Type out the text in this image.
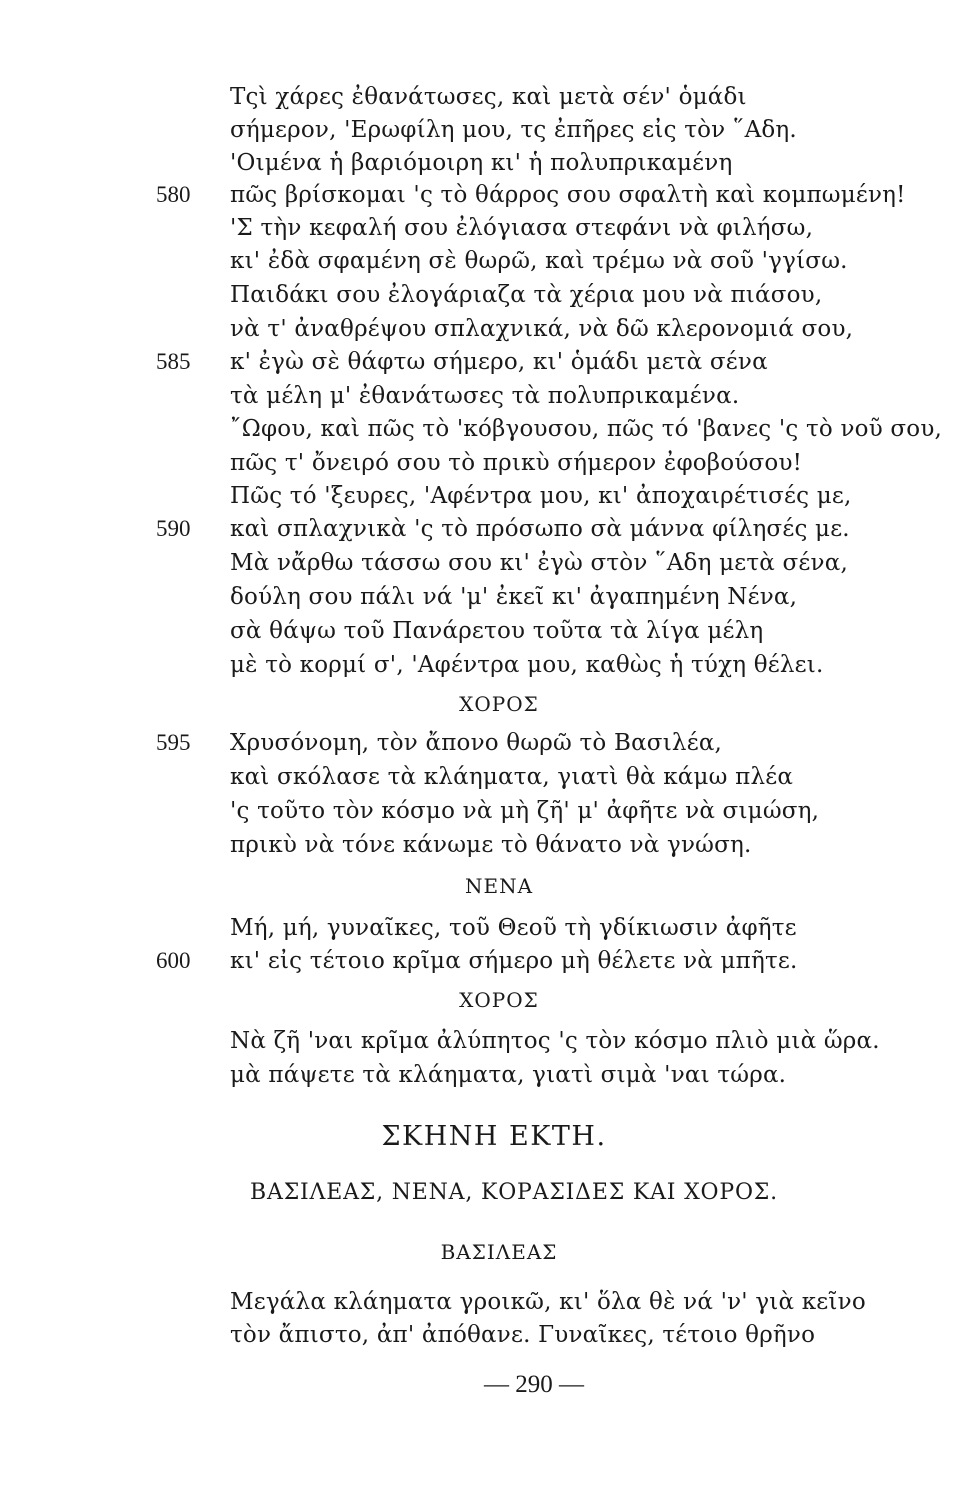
Τςὶ χάρες ἐθανάτωσες, καὶ μετὰ σέν' ὁμάδι
σήμερον, 'Ερωφίλη μου, τς ἐπῆρες εἰς τὸν ῞Αδη.
'Οιμένα ἡ βαριόμοιρη κι' ἡ πολυπρικαμένη
580 πῶς βρίσκομαι 'ς τὸ θάρρος σου σφαλτὴ καὶ κομπωμένη!
'Σ τὴν κεφαλή σου ἐλόγιασα στεφάνι νὰ φιλήσω,
κι' ἐδὰ σφαμένη σὲ θωρῶ, καὶ τρέμω νὰ σοῦ 'γγίσω.
Παιδάκι σου ἐλογάριαζα τὰ χέρια μου νὰ πιάσου,
νὰ τ' ἀναθρέψου σπλαχνικά, νὰ δῶ κλερονομιά σου,
585 κ' ἐγὼ σὲ θάφτω σήμερο, κι' ὁμάδι μετὰ σένα
τὰ μέλη μ' ἐθανάτωσες τὰ πολυπρικαμένα.
῎Ωφου, καὶ πῶς τὸ 'κόβγουσου, πῶς τό 'βανες 'ς τὸ νοῦ σου,
πῶς τ' ὄνειρό σου τὸ πρικὺ σήμερον ἐφοβούσου!
Πῶς τό 'ξευρες, 'Αφέντρα μου, κι' ἀποχαιρέτισές με,
590 καὶ σπλαχνικὰ 'ς τὸ πρόσωπο σὰ μάννα φίλησές με.
Μὰ νἄρθω τάσσω σου κι' ἐγὼ στὸν ῞Αδη μετὰ σένα,
δούλη σου πάλι νά 'μ' ἐκεῖ κι' ἀγαπημένη Νένα,
σὰ θάψω τοῦ Πανάρετου τοῦτα τὰ λίγα μέλη
μὲ τὸ κορμί σ', 'Αφέντρα μου, καθὼς ἡ τύχη θέλει.
ΧΟΡΟΣ
595 Χρυσόνομη, τὸν ἄπονο θωρῶ τὸ Βασιλέα,
καὶ σκόλασε τὰ κλάηματα, γιατὶ θὰ κάμω πλέα
'ς τοῦτο τὸν κόσμο νὰ μὴ ζῆ' μ' ἀφῆτε νὰ σιμώση,
πρικὺ νὰ τόνε κάνωμε τὸ θάνατο νὰ γνώση.
ΝΕΝΑ
Μή, μή, γυναῖκες, τοῦ Θεοῦ τὴ γδίκιωσιν ἀφῆτε
600 κι' εἰς τέτοιο κρῖμα σήμερο μὴ θέλετε νὰ μπῆτε.
ΧΟΡΟΣ
Νὰ ζῆ 'ναι κρῖμα ἀλύπητος 'ς τὸν κόσμο πλιὸ μιὰ ὥρα.
μὰ πάψετε τὰ κλάηματα, γιατὶ σιμὰ 'ναι τώρα.
ΣΚΗΝΗ ΕΚΤΗ.
ΒΑΣΙΛΕΑΣ, ΝΕΝΑ, ΚΟΡΑΣΙΔΕΣ ΚΑΙ ΧΟΡΟΣ.
ΒΑΣΙΛΕΑΣ
Μεγάλα κλάηματα γροικῶ, κι' ὅλα θὲ νά 'ν' γιὰ κεῖνο
τὸν ἄπιστο, ἀπ' ἀπόθανε. Γυναῖκες, τέτοιο θρῆνο
— 290 —
